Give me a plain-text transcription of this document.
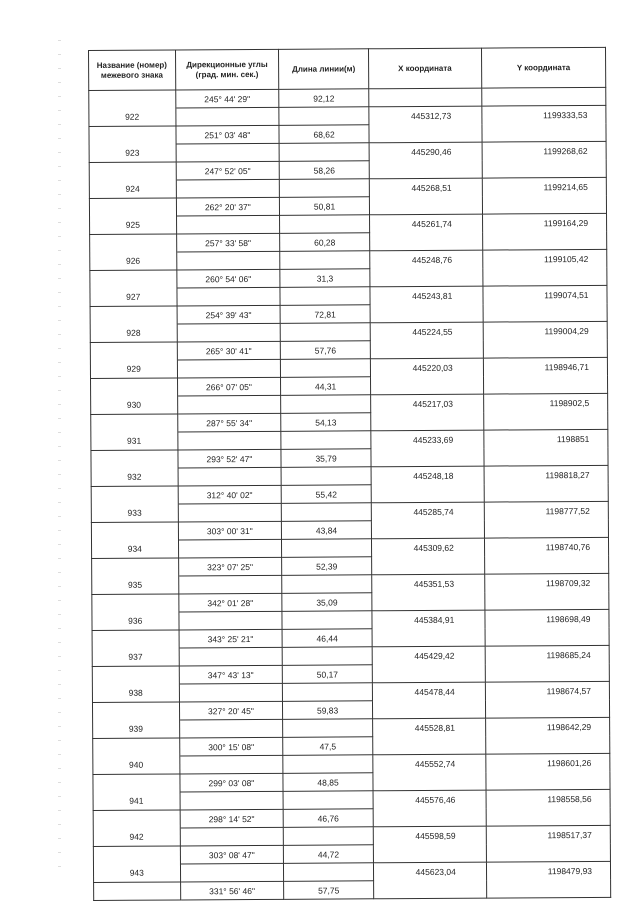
Название (номер) межевого знака	Дирекционные углы (град. мин. сек.)	Длина линии(м)	X координата	Y координата
	245° 44' 29"	92,12		
922			445312,73	1199333,53
	251° 03' 48"	68,62		
923			445290,46	1199268,62
	247° 52' 05"	58,26		
924			445268,51	1199214,65
	262° 20' 37"	50,81		
925			445261,74	1199164,29
	257° 33' 58"	60,28		
926			445248,76	1199105,42
	260° 54' 06"	31,3		
927			445243,81	1199074,51
	254° 39' 43"	72,81		
928			445224,55	1199004,29
	265° 30' 41"	57,76		
929			445220,03	1198946,71
	266° 07' 05"	44,31		
930			445217,03	1198902,5
	287° 55' 34"	54,13		
931			445233,69	1198851
	293° 52' 47"	35,79		
932			445248,18	1198818,27
	312° 40' 02"	55,42		
933			445285,74	1198777,52
	303° 00' 31"	43,84		
934			445309,62	1198740,76
	323° 07' 25"	52,39		
935			445351,53	1198709,32
	342° 01' 28"	35,09		
936			445384,91	1198698,49
	343° 25' 21"	46,44		
937			445429,42	1198685,24
	347° 43' 13"	50,17		
938			445478,44	1198674,57
	327° 20' 45"	59,83		
939			445528,81	1198642,29
	300° 15' 08"	47,5		
940			445552,74	1198601,26
	299° 03' 08"	48,85		
941			445576,46	1198558,56
	298° 14' 52"	46,76		
942			445598,59	1198517,37
	303° 08' 47"	44,72		
943			445623,04	1198479,93
	331° 56' 46"	57,75		
